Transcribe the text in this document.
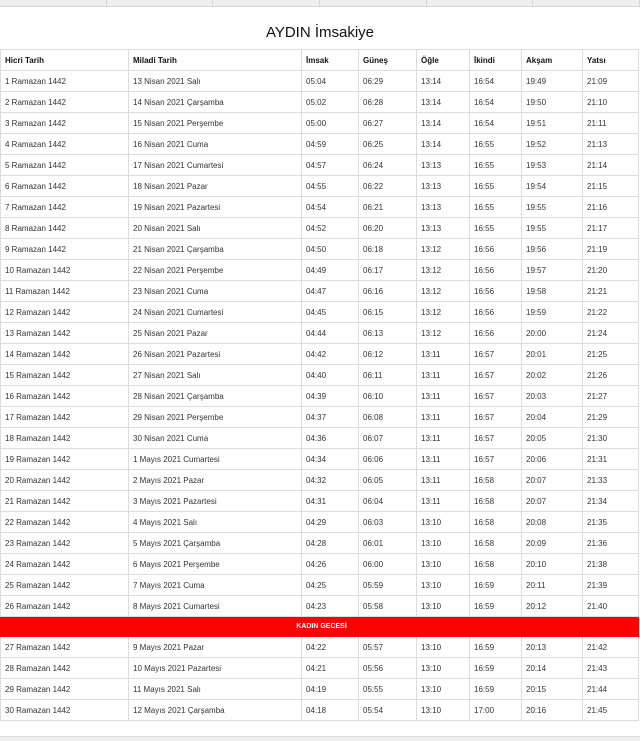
AYDIN İmsakiye
Hicri Tarih	Miladi Tarih	İmsak	Güneş	Öğle	İkindi	Akşam	Yatsı
1 Ramazan 1442	13 Nisan 2021 Salı	05:04	06:29	13:14	16:54	19:49	21:09
2 Ramazan 1442	14 Nisan 2021 Çarşamba	05:02	06:28	13:14	16:54	19:50	21:10
3 Ramazan 1442	15 Nisan 2021 Perşembe	05:00	06:27	13:14	16:54	19:51	21:11
4 Ramazan 1442	16 Nisan 2021 Cuma	04:59	06:25	13:14	16:55	19:52	21:13
5 Ramazan 1442	17 Nisan 2021 Cumartesi	04:57	06:24	13:13	16:55	19:53	21:14
6 Ramazan 1442	18 Nisan 2021 Pazar	04:55	06:22	13:13	16:55	19:54	21:15
7 Ramazan 1442	19 Nisan 2021 Pazartesi	04:54	06:21	13:13	16:55	19:55	21:16
8 Ramazan 1442	20 Nisan 2021 Salı	04:52	06:20	13:13	16:55	19:55	21:17
9 Ramazan 1442	21 Nisan 2021 Çarşamba	04:50	06:18	13:12	16:56	19:56	21:19
10 Ramazan 1442	22 Nisan 2021 Perşembe	04:49	06:17	13:12	16:56	19:57	21:20
11 Ramazan 1442	23 Nisan 2021 Cuma	04:47	06:16	13:12	16:56	19:58	21:21
12 Ramazan 1442	24 Nisan 2021 Cumartesi	04:45	06:15	13:12	16:56	19:59	21:22
13 Ramazan 1442	25 Nisan 2021 Pazar	04:44	06:13	13:12	16:56	20:00	21:24
14 Ramazan 1442	26 Nisan 2021 Pazartesi	04:42	06:12	13:11	16:57	20:01	21:25
15 Ramazan 1442	27 Nisan 2021 Salı	04:40	06:11	13:11	16:57	20:02	21:26
16 Ramazan 1442	28 Nisan 2021 Çarşamba	04:39	06:10	13:11	16:57	20:03	21:27
17 Ramazan 1442	29 Nisan 2021 Perşembe	04:37	06:08	13:11	16:57	20:04	21:29
18 Ramazan 1442	30 Nisan 2021 Cuma	04:36	06:07	13:11	16:57	20:05	21:30
19 Ramazan 1442	1 Mayıs 2021 Cumartesi	04:34	06:06	13:11	16:57	20:06	21:31
20 Ramazan 1442	2 Mayıs 2021 Pazar	04:32	06:05	13:11	16:58	20:07	21:33
21 Ramazan 1442	3 Mayıs 2021 Pazartesi	04:31	06:04	13:11	16:58	20:07	21:34
22 Ramazan 1442	4 Mayıs 2021 Salı	04:29	06:03	13:10	16:58	20:08	21:35
23 Ramazan 1442	5 Mayıs 2021 Çarşamba	04:28	06:01	13:10	16:58	20:09	21:36
24 Ramazan 1442	6 Mayıs 2021 Perşembe	04:26	06:00	13:10	16:58	20:10	21:38
25 Ramazan 1442	7 Mayıs 2021 Cuma	04:25	05:59	13:10	16:59	20:11	21:39
26 Ramazan 1442	8 Mayıs 2021 Cumartesi	04:23	05:58	13:10	16:59	20:12	21:40
KADIN GECESİ							
27 Ramazan 1442	9 Mayıs 2021 Pazar	04:22	05:57	13:10	16:59	20:13	21:42
28 Ramazan 1442	10 Mayıs 2021 Pazartesi	04:21	05:56	13:10	16:59	20:14	21:43
29 Ramazan 1442	11 Mayıs 2021 Salı	04:19	05:55	13:10	16:59	20:15	21:44
30 Ramazan 1442	12 Mayıs 2021 Çarşamba	04:18	05:54	13:10	17:00	20:16	21:45
